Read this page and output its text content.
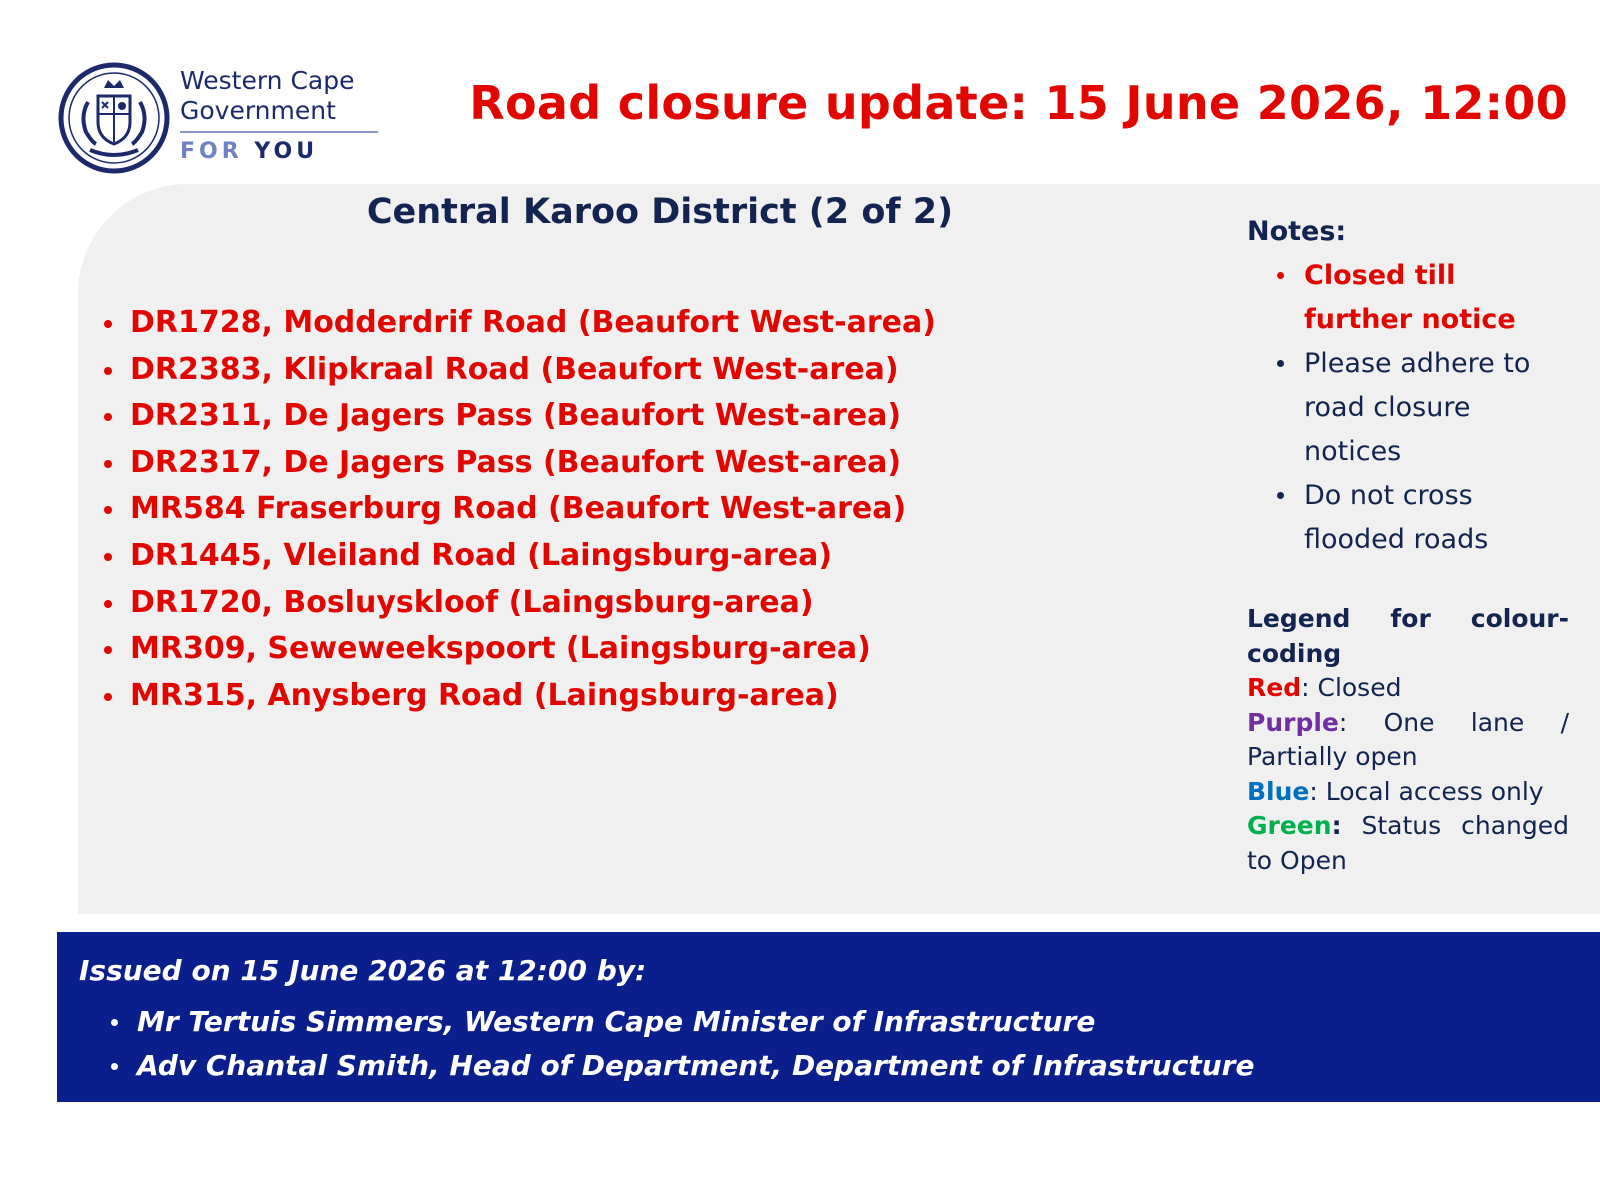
Western Cape
Government
FOR YOU
Road closure update: 15 June 2026, 12:00
Central Karoo District (2 of 2)
DR1728, Modderdrif Road (Beaufort West-area)
DR2383, Klipkraal Road (Beaufort West-area)
DR2311, De Jagers Pass (Beaufort West-area)
DR2317, De Jagers Pass (Beaufort West-area)
MR584 Fraserburg Road (Beaufort West-area)
DR1445, Vleiland Road (Laingsburg-area)
DR1720, Bosluyskloof (Laingsburg-area)
MR309, Seweweekspoort (Laingsburg-area)
MR315, Anysberg Road (Laingsburg-area)
Notes:
Closed till further notice
Please adhere to road closure notices
Do not cross flooded roads
Legend for colour-coding
Red: Closed
Purple: One lane / Partially open
Blue: Local access only
Green: Status changed to Open
Issued on 15 June 2026 at 12:00 by:
Mr Tertuis Simmers, Western Cape Minister of Infrastructure
Adv Chantal Smith, Head of Department, Department of Infrastructure
